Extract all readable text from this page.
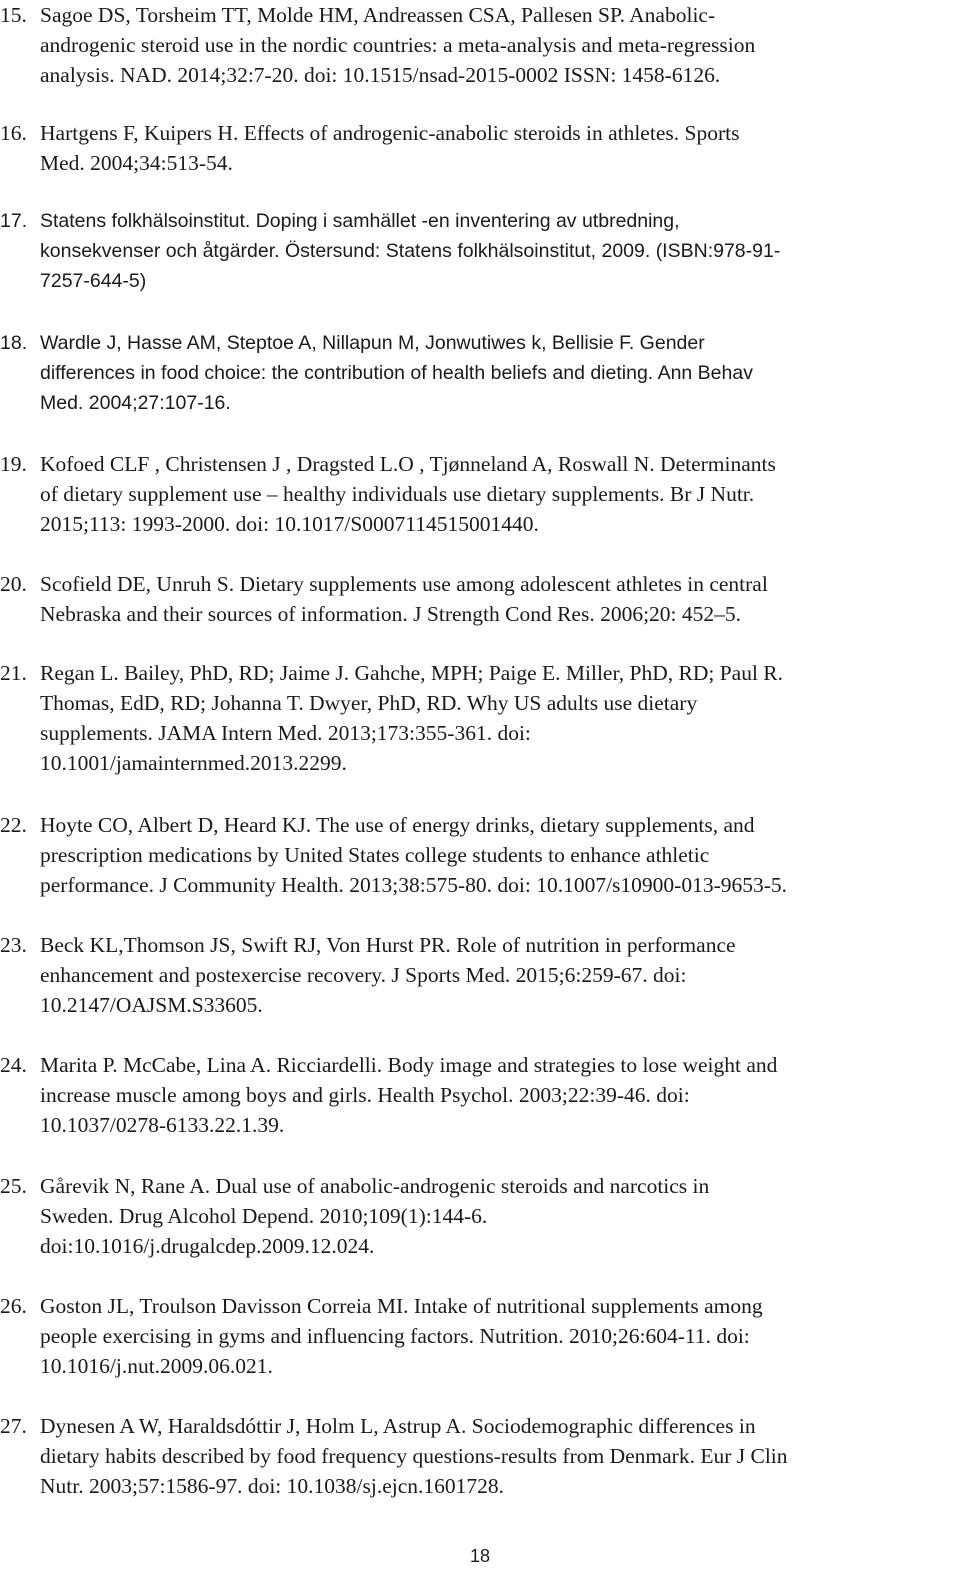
15. Sagoe DS, Torsheim TT, Molde HM, Andreassen CSA, Pallesen SP. Anabolic-
androgenic steroid use in the nordic countries: a meta-analysis and meta-regression
analysis. NAD. 2014;32:7-20. doi: 10.1515/nsad-2015-0002 ISSN: 1458-6126.
16. Hartgens F, Kuipers H. Effects of androgenic-anabolic steroids in athletes. Sports
Med. 2004;34:513-54.
17. Statens folkhälsoinstitut. Doping i samhället -en inventering av utbredning,
konsekvenser och åtgärder. Östersund: Statens folkhälsoinstitut, 2009. (ISBN:978-91-
7257-644-5)
18. Wardle J, Hasse AM, Steptoe A, Nillapun M, Jonwutiwes k, Bellisie F. Gender
differences in food choice: the contribution of health beliefs and dieting. Ann Behav
Med. 2004;27:107-16.
19. Kofoed CLF , Christensen J , Dragsted L.O , Tjønneland A, Roswall N. Determinants
of dietary supplement use – healthy individuals use dietary supplements. Br J Nutr.
2015;113: 1993-2000. doi: 10.1017/S0007114515001440.
20. Scofield DE, Unruh S. Dietary supplements use among adolescent athletes in central
Nebraska and their sources of information. J Strength Cond Res. 2006;20: 452–5.
21. Regan L. Bailey, PhD, RD; Jaime J. Gahche, MPH; Paige E. Miller, PhD, RD; Paul R.
Thomas, EdD, RD; Johanna T. Dwyer, PhD, RD. Why US adults use dietary
supplements. JAMA Intern Med. 2013;173:355-361. doi:
10.1001/jamainternmed.2013.2299.
22. Hoyte CO, Albert D, Heard KJ. The use of energy drinks, dietary supplements, and
prescription medications by United States college students to enhance athletic
performance. J Community Health. 2013;38:575-80. doi: 10.1007/s10900-013-9653-5.
23. Beck KL,Thomson JS, Swift RJ, Von Hurst PR. Role of nutrition in performance
enhancement and postexercise recovery. J Sports Med. 2015;6:259-67. doi:
10.2147/OAJSM.S33605.
24. Marita P. McCabe, Lina A. Ricciardelli. Body image and strategies to lose weight and
increase muscle among boys and girls. Health Psychol. 2003;22:39-46. doi:
10.1037/0278-6133.22.1.39.
25. Gårevik N, Rane A. Dual use of anabolic-androgenic steroids and narcotics in
Sweden. Drug Alcohol Depend. 2010;109(1):144-6.
doi:10.1016/j.drugalcdep.2009.12.024.
26. Goston JL, Troulson Davisson Correia MI. Intake of nutritional supplements among
people exercising in gyms and influencing factors. Nutrition. 2010;26:604-11. doi:
10.1016/j.nut.2009.06.021.
27. Dynesen A W, Haraldsdóttir J, Holm L, Astrup A. Sociodemographic differences in
dietary habits described by food frequency questions-results from Denmark. Eur J Clin
Nutr. 2003;57:1586-97. doi: 10.1038/sj.ejcn.1601728.
18
